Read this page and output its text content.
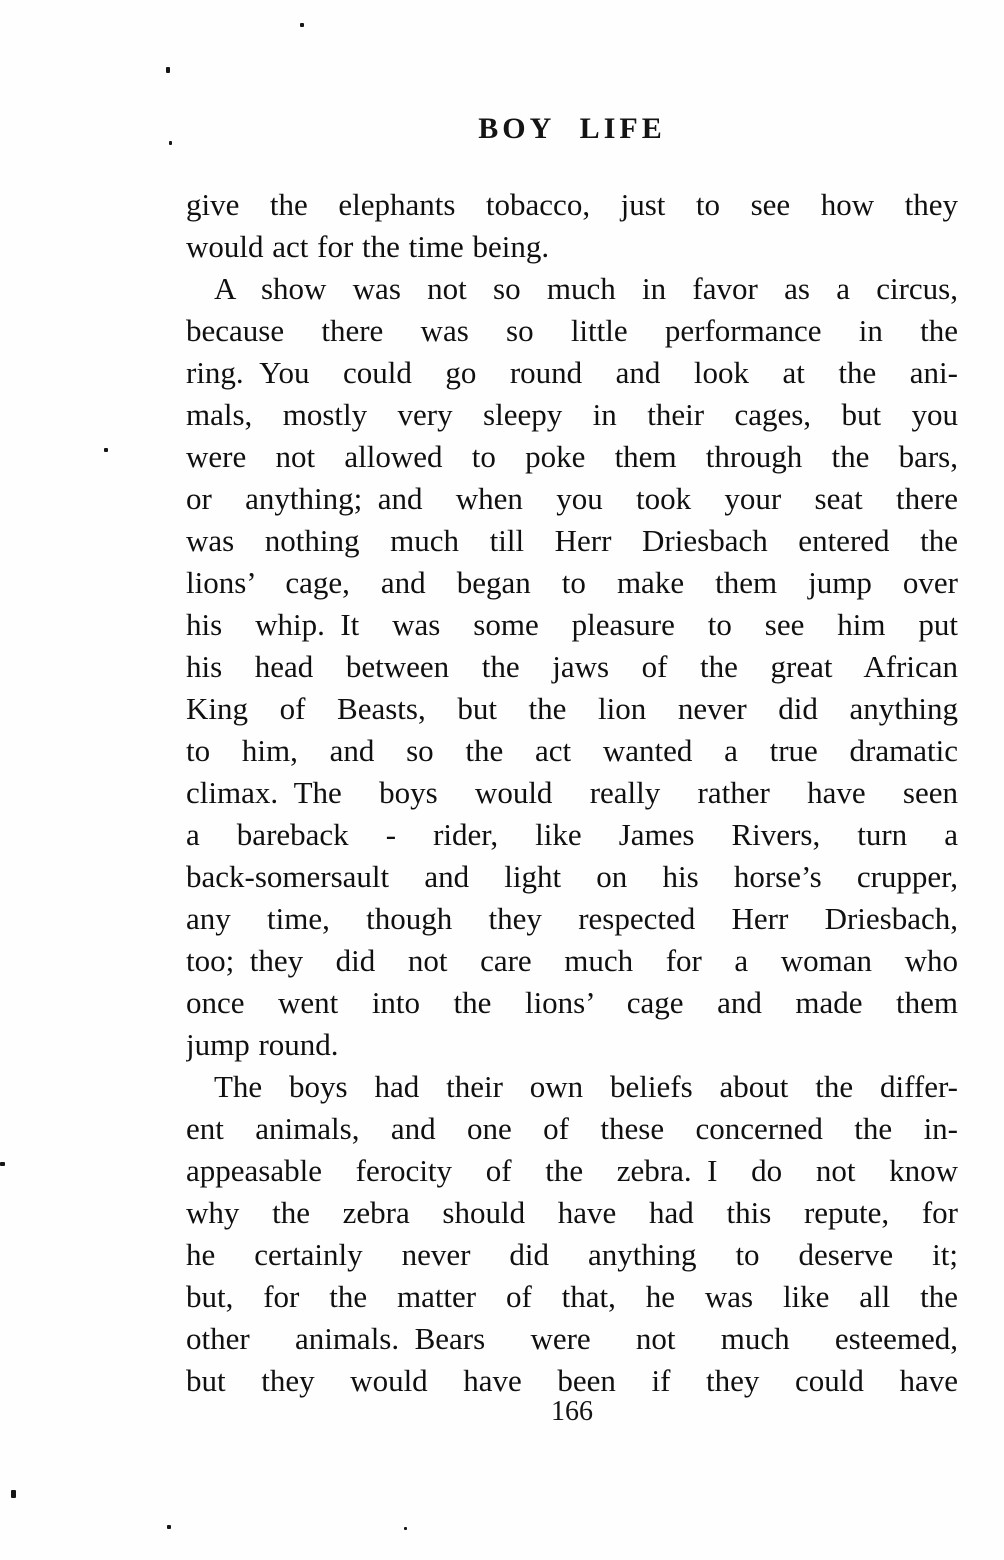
BOY LIFE
give the elephants tobacco, just to see how they
would act for the time being.
A show was not so much in favor as a circus,
because there was so little performance in the
ring. You could go round and look at the ani-
mals, mostly very sleepy in their cages, but you
were not allowed to poke them through the bars,
or anything; and when you took your seat there
was nothing much till Herr Driesbach entered the
lions’ cage, and began to make them jump over
his whip. It was some pleasure to see him put
his head between the jaws of the great African
King of Beasts, but the lion never did anything
to him, and so the act wanted a true dramatic
climax. The boys would really rather have seen
a bareback - rider, like James Rivers, turn a
back-somersault and light on his horse’s crupper,
any time, though they respected Herr Driesbach,
too; they did not care much for a woman who
once went into the lions’ cage and made them
jump round.
The boys had their own beliefs about the differ-
ent animals, and one of these concerned the in-
appeasable ferocity of the zebra. I do not know
why the zebra should have had this repute, for
he certainly never did anything to deserve it;
but, for the matter of that, he was like all the
other animals. Bears were not much esteemed,
but they would have been if they could have
166
